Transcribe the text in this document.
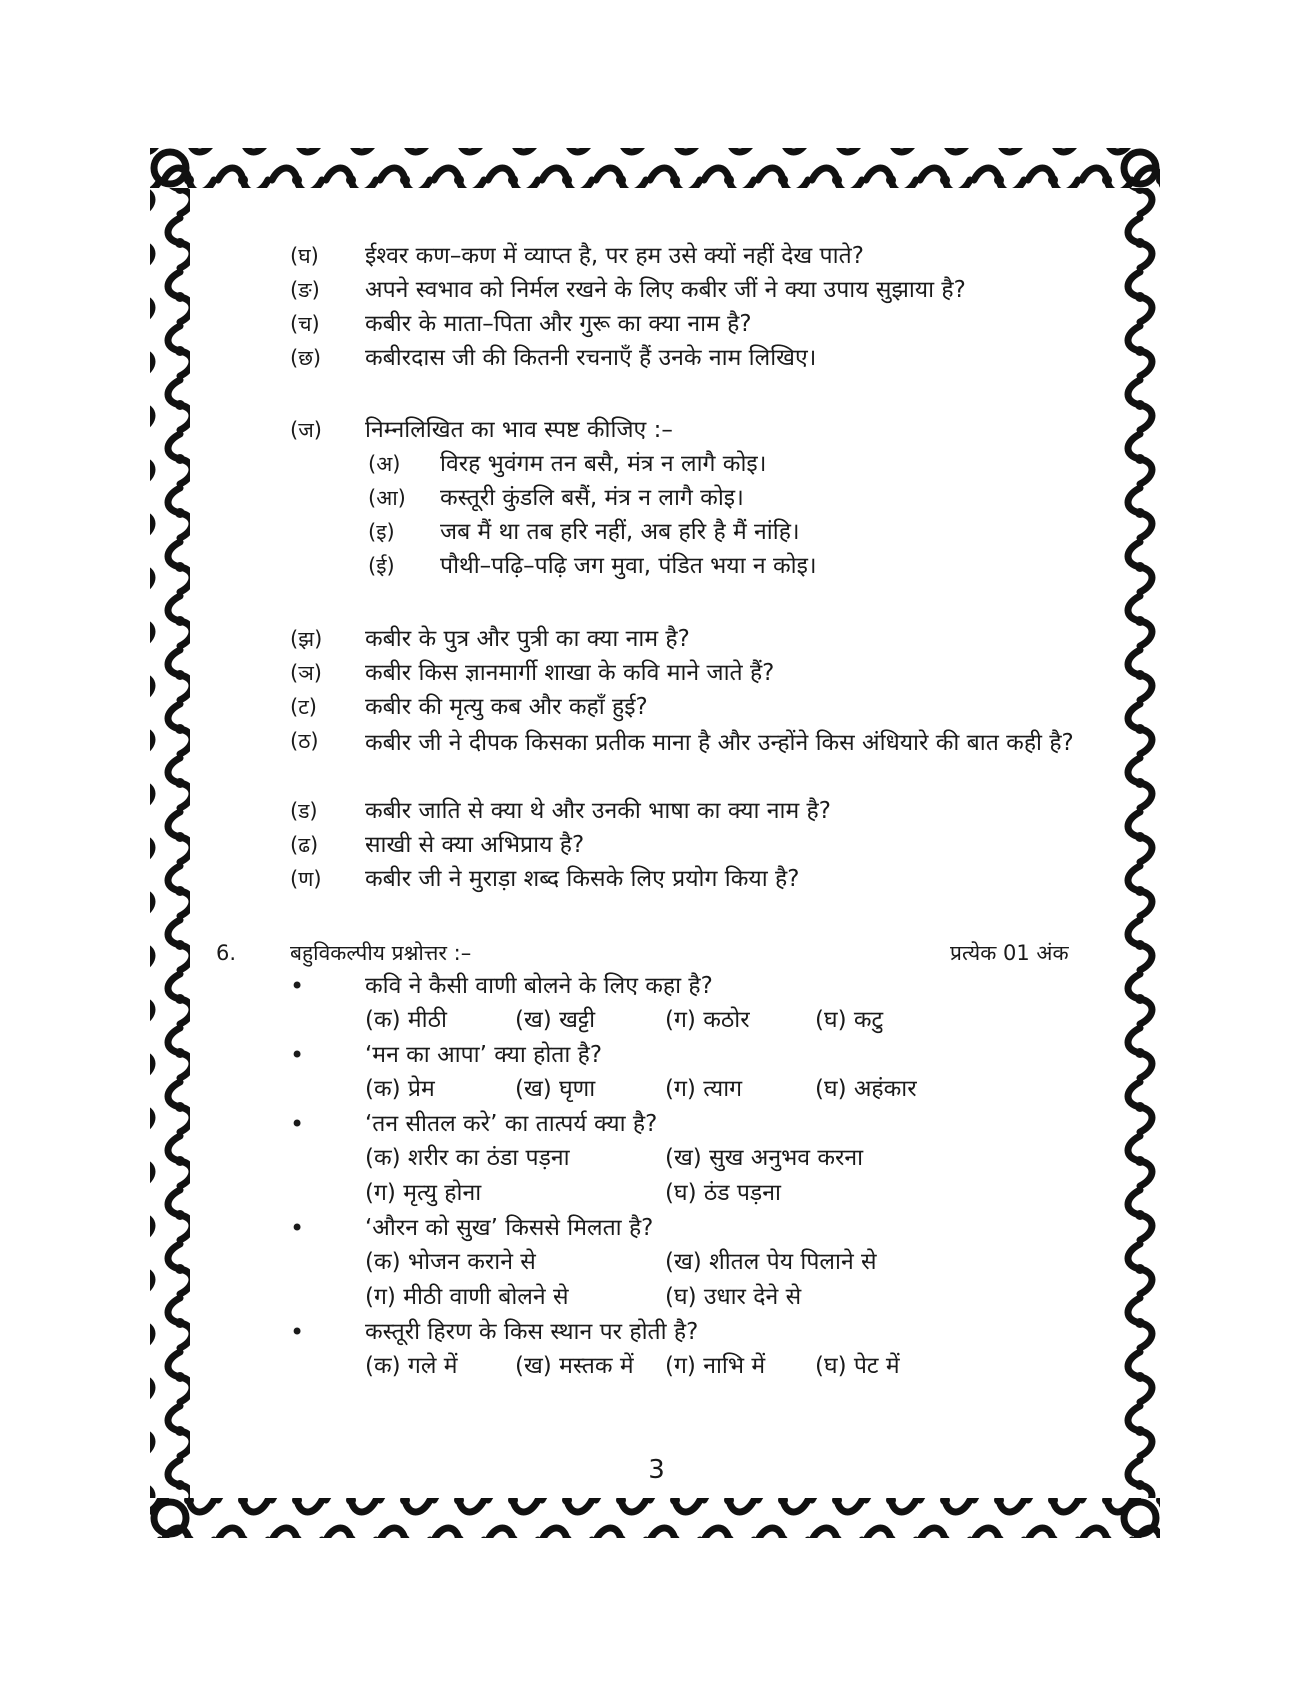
(घ) ईश्वर कण–कण में व्याप्त है, पर हम उसे क्यों नहीं देख पाते?
(ङ) अपने स्वभाव को निर्मल रखने के लिए कबीर जीं ने क्या उपाय सुझाया है?
(च) कबीर के माता–पिता और गुरू का क्या नाम है?
(छ) कबीरदास जी की कितनी रचनाएँ हैं उनके नाम लिखिए।
(ज) निम्नलिखित का भाव स्पष्ट कीजिए :–
(अ) विरह भुवंगम तन बसै, मंत्र न लागै कोइ।
(आ) कस्तूरी कुंडलि बसैं, मंत्र न लागै कोइ।
(इ) जब मैं था तब हरि नहीं, अब हरि है मैं नांहि।
(ई) पौथी–पढ़ि–पढ़ि जग मुवा, पंडित भया न कोइ।
(झ) कबीर के पुत्र और पुत्री का क्या नाम है?
(ञ) कबीर किस ज्ञानमार्गी शाखा के कवि माने जाते हैं?
(ट) कबीर की मृत्यु कब और कहाँ हुई?
(ठ) कबीर जी ने दीपक किसका प्रतीक माना है और उन्होंने किस अंधियारे की बात कही है?
(ड) कबीर जाति से क्या थे और उनकी भाषा का क्या नाम है?
(ढ) साखी से क्या अभिप्राय है?
(ण) कबीर जी ने मुराड़ा शब्द किसके लिए प्रयोग किया है?
6.	बहुविकल्पीय प्रश्नोत्तर :–	प्रत्येक 01 अंक
•	कवि ने कैसी वाणी बोलने के लिए कहा है?
(क) मीठी	(ख) खट्टी	(ग) कठोर	(घ) कटु
•	‘मन का आपा’ क्या होता है?
(क) प्रेम	(ख) घृणा	(ग) त्याग	(घ) अहंकार
•	‘तन सीतल करे’ का तात्पर्य क्या है?
(क) शरीर का ठंडा पड़ना	(ख) सुख अनुभव करना
(ग) मृत्यु होना	(घ) ठंड पड़ना
•	‘औरन को सुख’ किससे मिलता है?
(क) भोजन कराने से	(ख) शीतल पेय पिलाने से
(ग) मीठी वाणी बोलने से	(घ) उधार देने से
•	कस्तूरी हिरण के किस स्थान पर होती है?
(क) गले में (ख) मस्तक में (ग) नाभि में (घ) पेट में
3
